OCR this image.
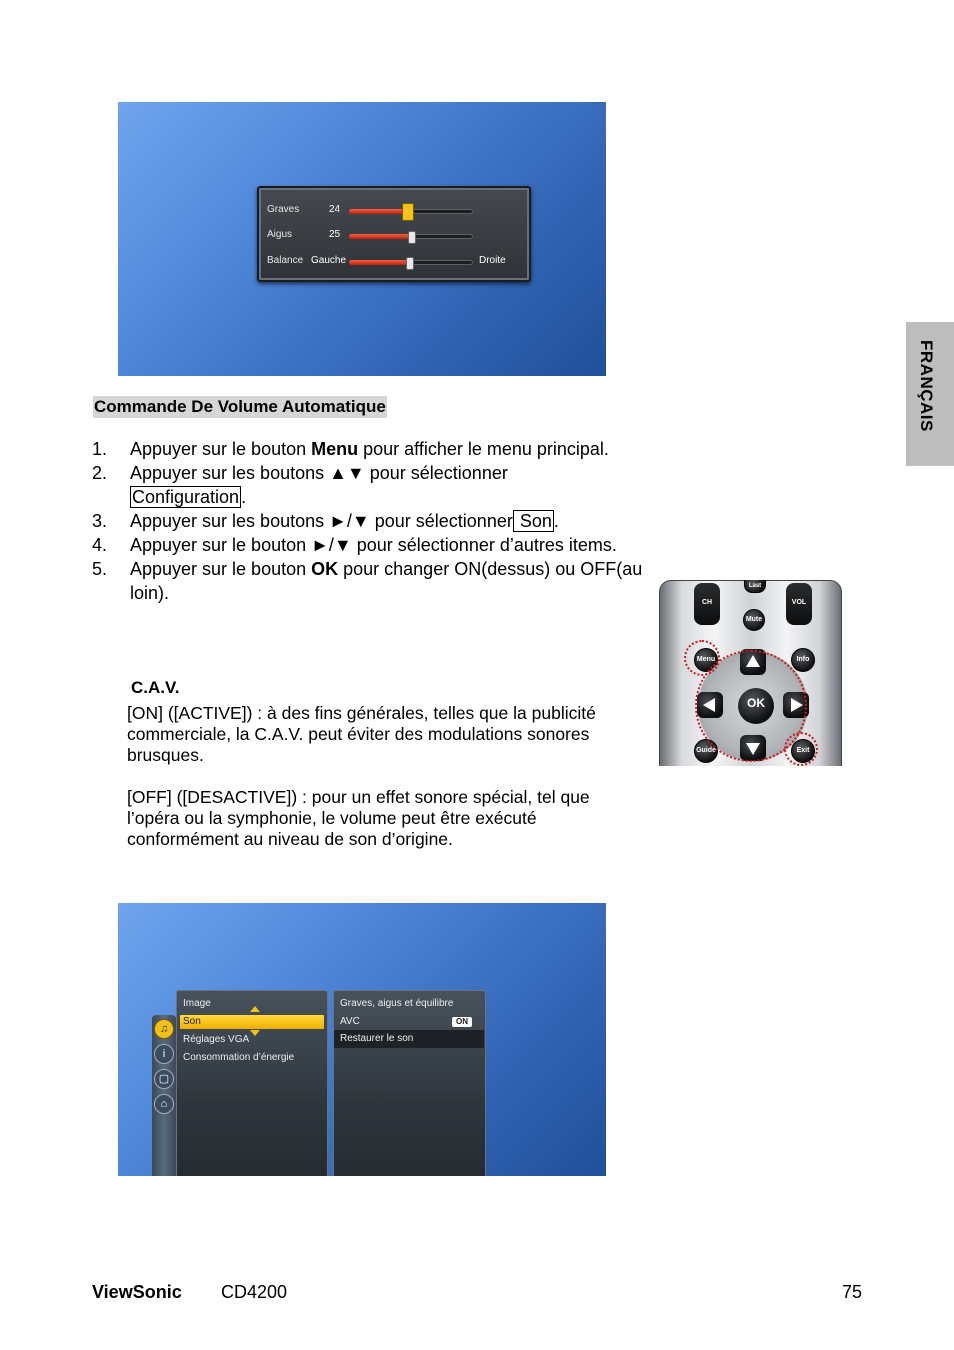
Graves	24
Aigus	25
Balance Gauche	Droite
Commande De Volume Automatique
1. Appuyer sur le bouton Menu pour afficher le menu principal.
2. Appuyer sur les boutons ▲▼ pour sélectionner Configuration .
3. Appuyer sur les boutons ►/▼ pour sélectionner Son .
4. Appuyer sur le bouton ►/▼ pour sélectionner d’autres items.
5. Appuyer sur le bouton OK pour changer ON(dessus) ou OFF(au loin).
C.A.V.
[ON] ([ACTIVE]) : à des fins générales, telles que la publicité commerciale, la C.A.V. peut éviter des modulations sonores brusques.
[OFF] ([DESACTIVE]) : pour un effet sonore spécial, tel que l’opéra ou la symphonie, le volume peut être exécuté conformément au niveau de son d’origine.
FRANÇAIS
CH	VOL
Last
Mute
Menu	Info
OK
Guide	Exit
♫
i
▢
⌂
Image
Son
Réglages VGA
Consommation d’énergie
Graves, aigus et équilibre
AVC	ON
Restaurer le son
ViewSonic CD4200	75
